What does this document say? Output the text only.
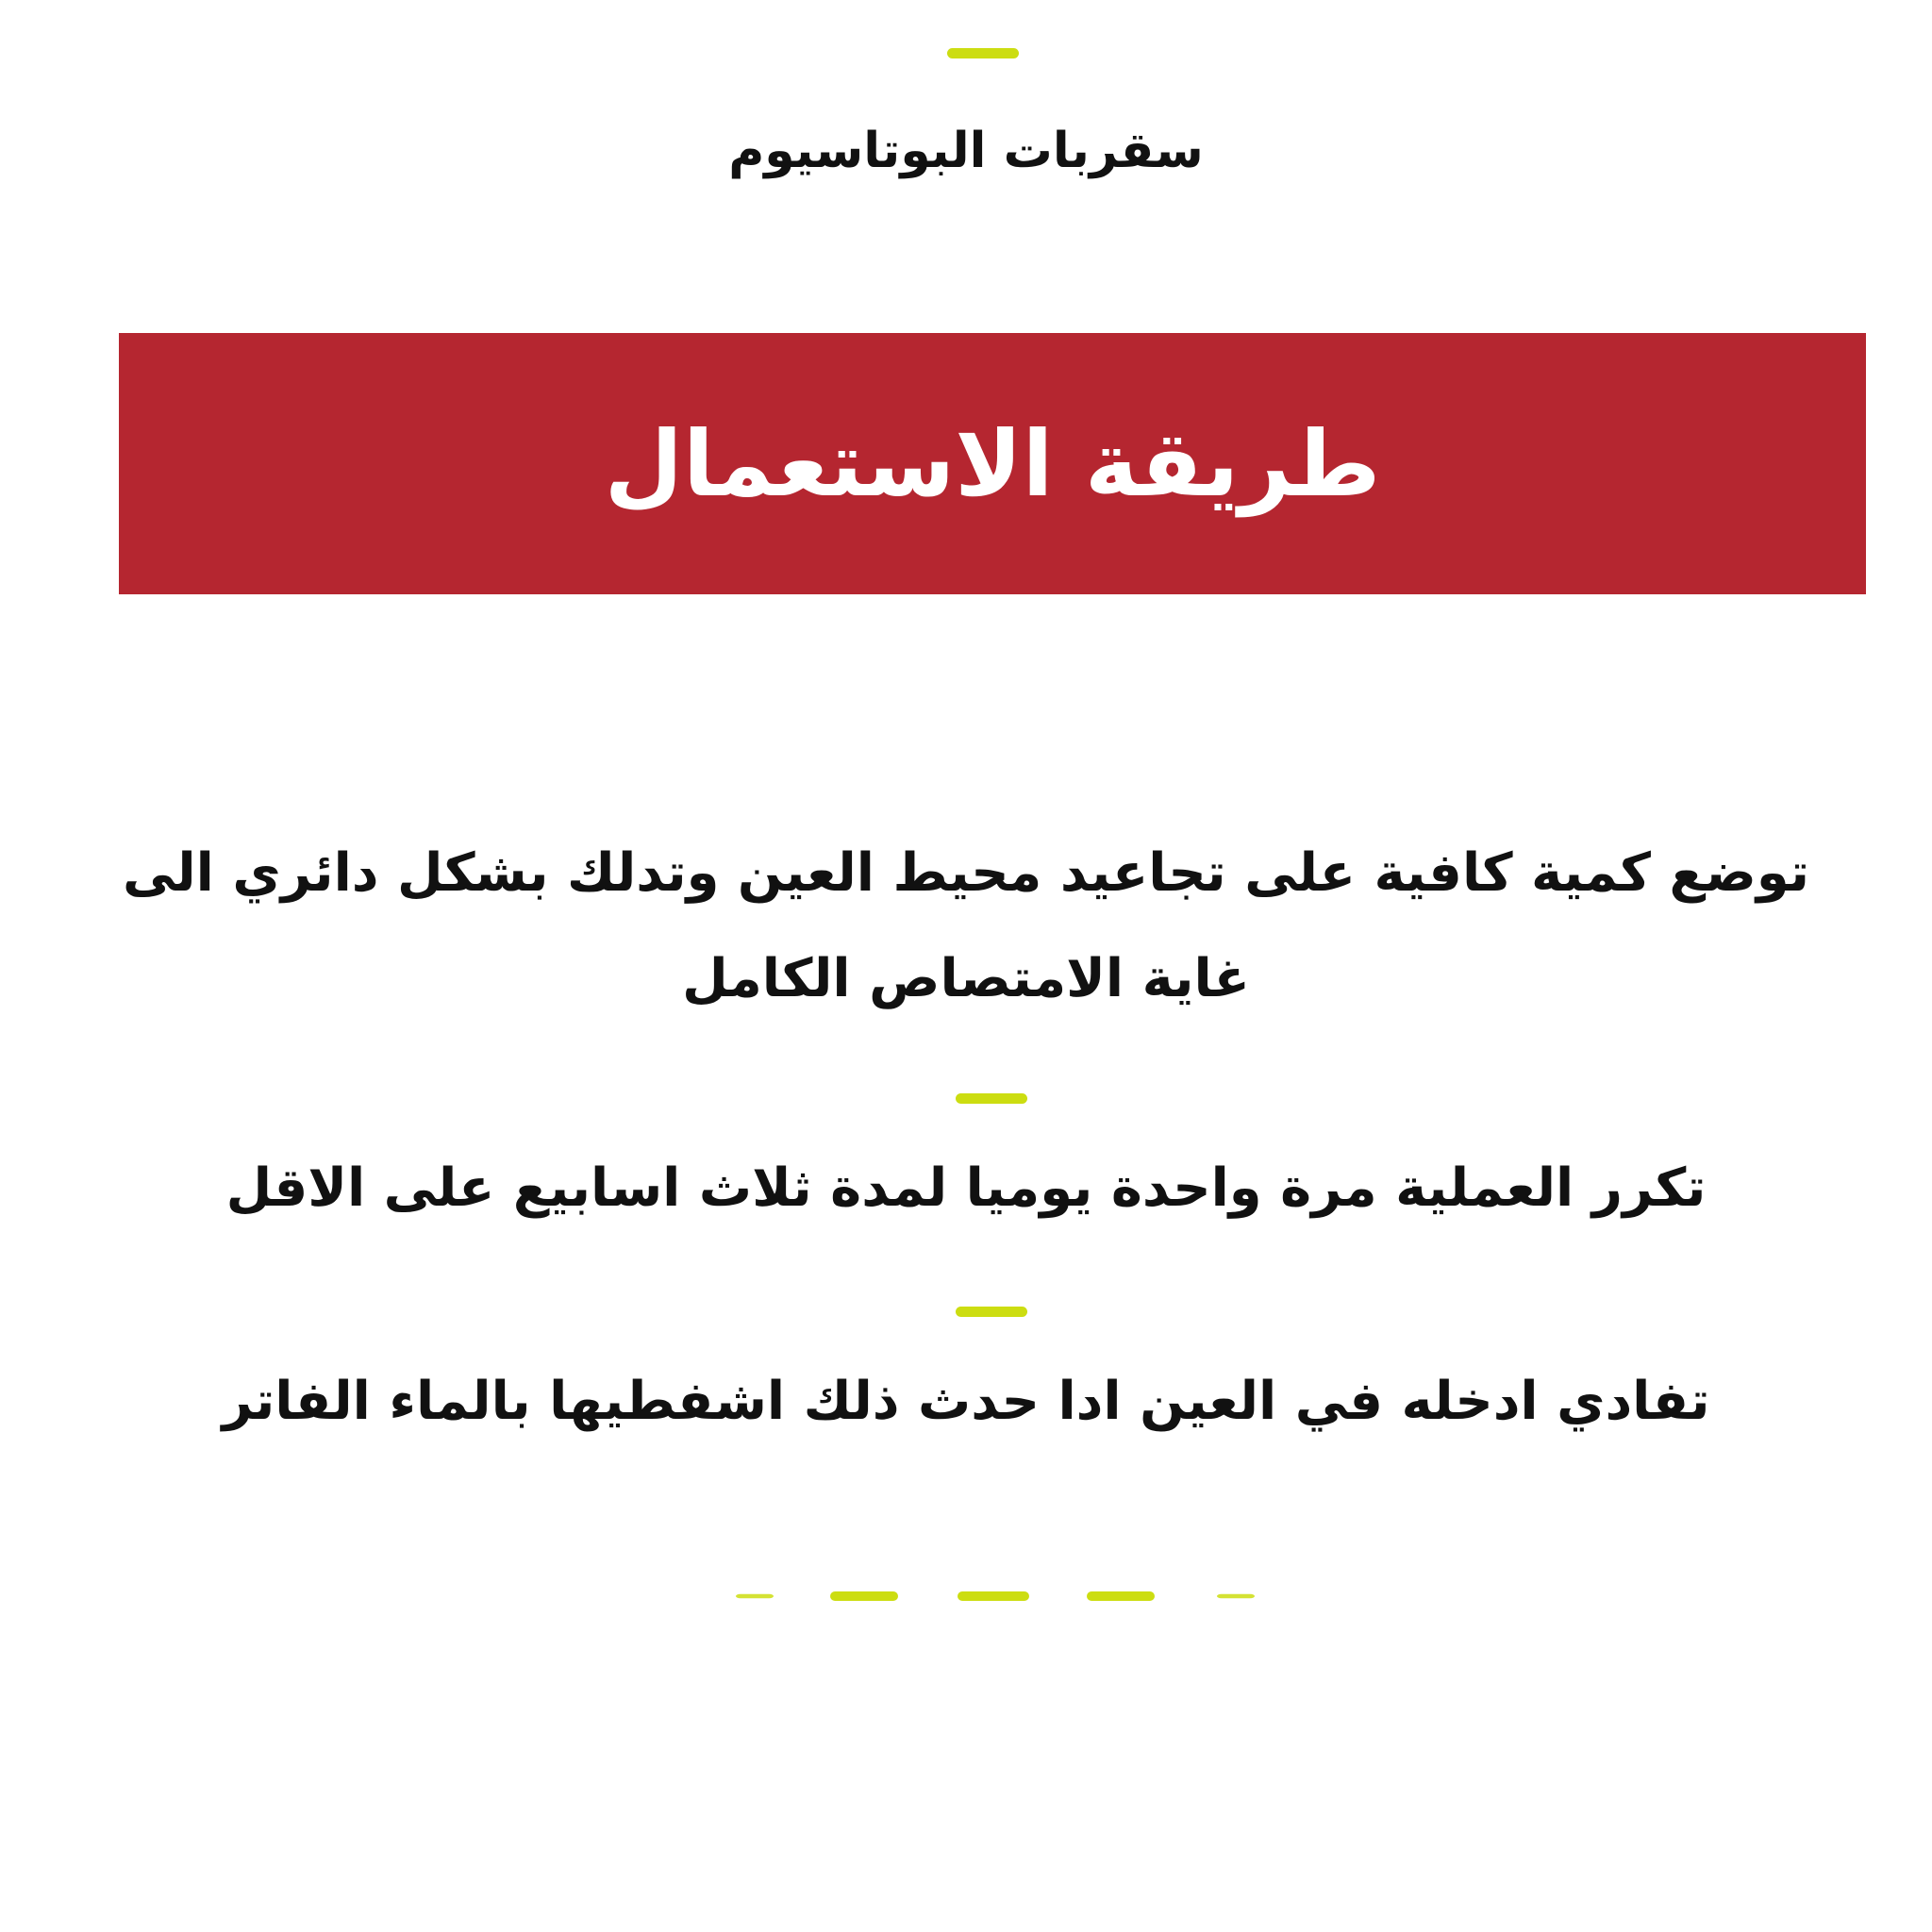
سقربات البوتاسيوم
طريقة الاستعمال
توضع كمية كافية على تجاعيد محيط العين وتدلك بشكل دائري الى غاية الامتصاص الكامل
تكرر العملية مرة واحدة يوميا لمدة ثلاث اسابيع على الاقل
تفادي ادخله في العين ادا حدث ذلك اشفطيها بالماء الفاتر
